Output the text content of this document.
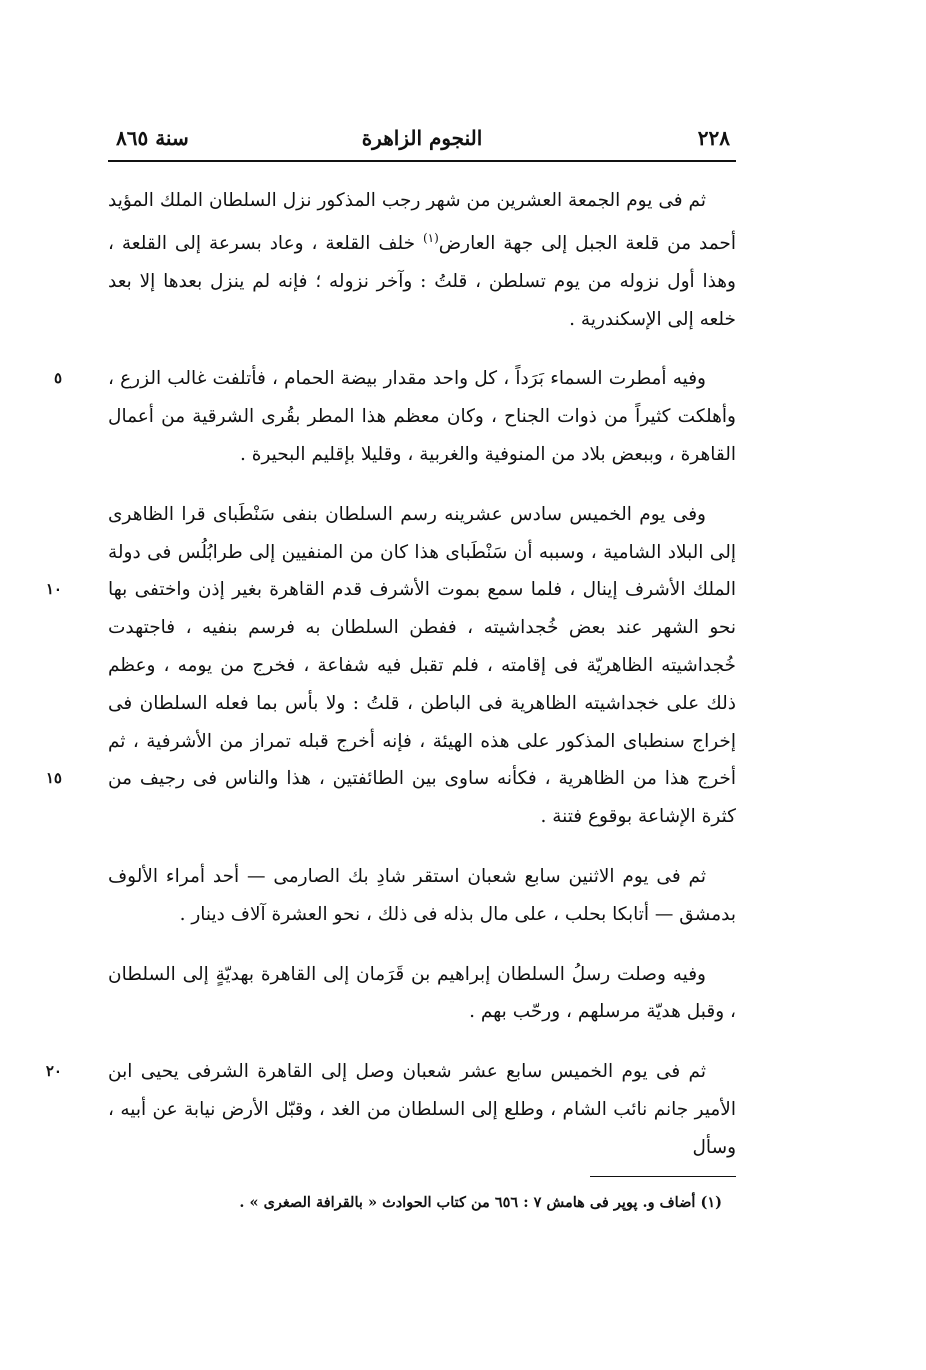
سنة ٨٦٥	النجوم الزاهرة	٢٢٨

ثم فى يوم الجمعة العشرين من شهر رجب المذكور نزل السلطان الملك المؤيد أحمد من قلعة الجبل إلى جهة العارض$^{(١)}$ خلف القلعة ، وعاد بسرعة إلى القلعة ، وهذا أول نزوله من يوم تسلطن ، قلتُ : وآخر نزوله ؛ فإنه لم ينزل بعدها إلا بعد خلعه إلى الإسكندرية .

٥	وفيه أمطرت السماء بَرَداً ، كل واحد مقدار بيضة الحمام ، فأتلفت غالب الزرع ، وأهلكت كثيراً من ذوات الجناح ، وكان معظم هذا المطر بقُرى الشرقية من أعمال القاهرة ، وببعض بلاد من المنوفية والغربية ، وقليلا بإقليم البحيرة .

١٠
١٥
وفى يوم الخميس سادس عشرينه رسم السلطان بنفى سَنْطَباى قرا الظاهرى إلى البلاد الشامية ، وسببه أن سَنْطَباى هذا كان من المنفيين إلى طرابُلُس فى دولة الملك الأشرف إينال ، فلما سمع بموت الأشرف قدم القاهرة بغير إذن واختفى بها نحو الشهر عند بعض خُجداشيته ، ففطن السلطان به فرسم بنفيه ، فاجتهدت خُجداشيته الظاهريّة فى إقامته ، فلم تقبل فيه شفاعة ، فخرج من يومه ، وعظم ذلك على خجداشيته الظاهرية فى الباطن ، قلتُ : ولا بأس بما فعله السلطان فى إخراج سنطباى المذكور على هذه الهيئة ، فإنه أخرج قبله تمراز من الأشرفية ، ثم أخرج هذا من الظاهرية ، فكأنه ساوى بين الطائفتين ، هذا والناس فى رجيف من كثرة الإشاعة بوقوع فتنة .

ثم فى يوم الاثنين سابع شعبان استقر شادِ بك الصارمى — أحد أمراء الألوف بدمشق — أتابكا بحلب ، على مال بذله فى ذلك ، نحو العشرة آلاف دينار .

وفيه وصلت رسلُ السلطان إبراهيم بن قَرَمان إلى القاهرة بهديّةٍ إلى السلطان ، وقبل هديّة مرسلهم ، ورحّب بهم .

٢٠	ثم فى يوم الخميس سابع عشر شعبان وصل إلى القاهرة الشرفى يحيى ابن الأمير جانم نائب الشام ، وطلع إلى السلطان من الغد ، وقبّل الأرض نيابة عن أبيه ، وسأل

(١) أضاف و. پوپر فى هامش ٧ : ٦٥٦ من كتاب الحوادث « بالقرافة الصغرى » .
